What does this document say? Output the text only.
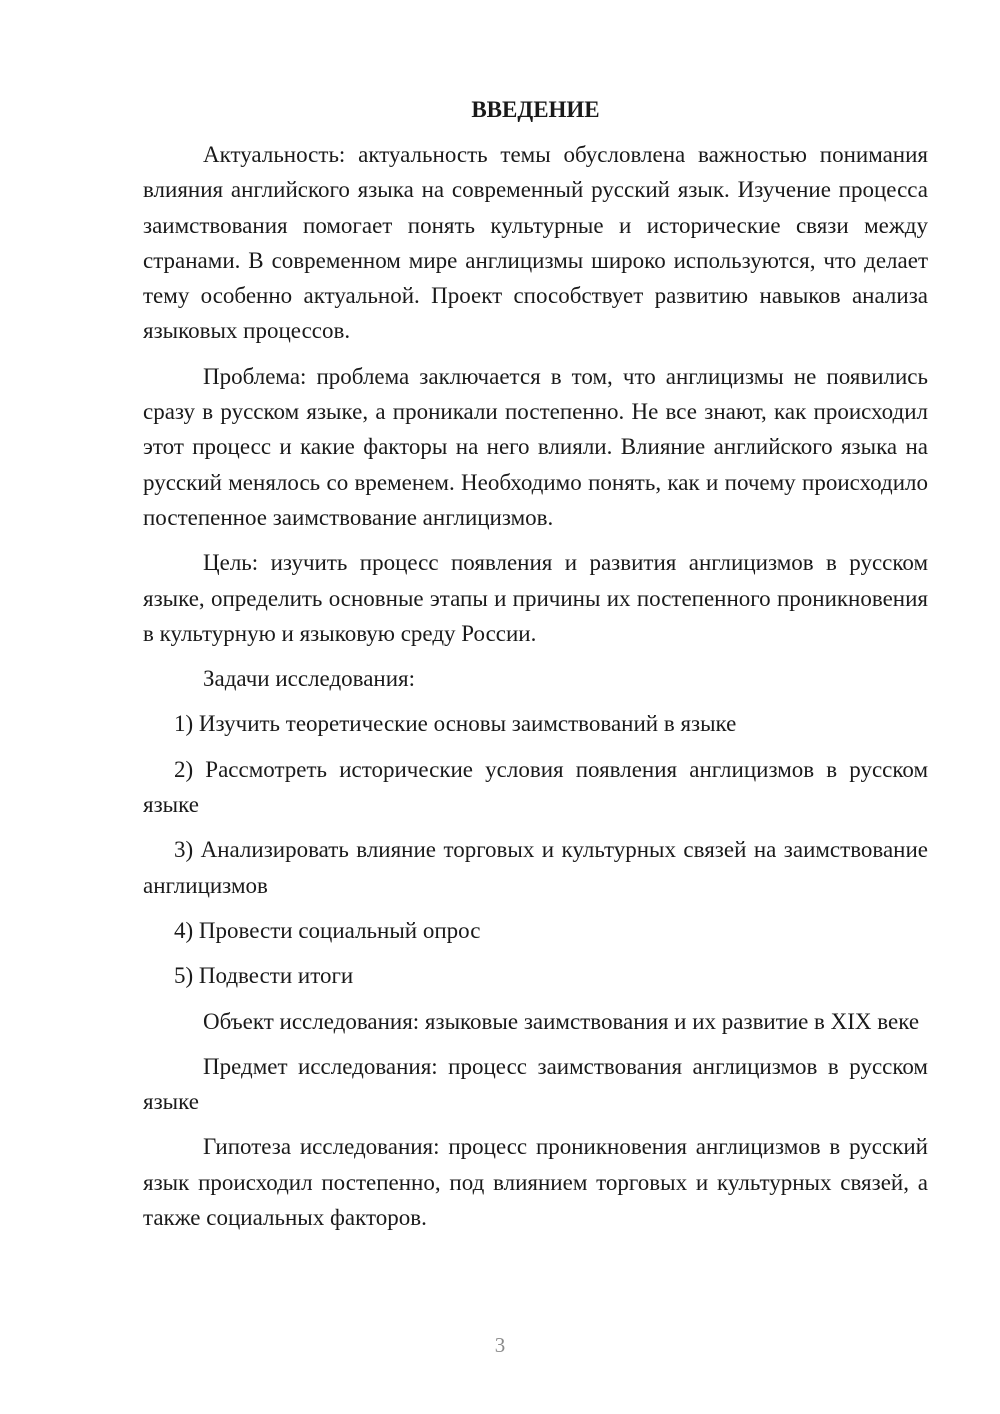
ВВЕДЕНИЕ

Актуальность: актуальность темы обусловлена важностью понимания влияния английского языка на современный русский язык. Изучение процесса заимствования помогает понять культурные и исторические связи между странами. В современном мире англицизмы широко используются, что делает тему особенно актуальной. Проект способствует развитию навыков анализа языковых процессов.

Проблема: проблема заключается в том, что англицизмы не появились сразу в русском языке, а проникали постепенно. Не все знают, как происходил этот процесс и какие факторы на него влияли. Влияние английского языка на русский менялось со временем. Необходимо понять, как и почему происходило постепенное заимствование англицизмов.

Цель: изучить процесс появления и развития англицизмов в русском языке, определить основные этапы и причины их постепенного проникновения в культурную и языковую среду России.

Задачи исследования:

1) Изучить теоретические основы заимствований в языке

2) Рассмотреть исторические условия появления англицизмов в русском языке

3) Анализировать влияние торговых и культурных связей на заимствование англицизмов

4) Провести социальный опрос

5) Подвести итоги

Объект исследования: языковые заимствования и их развитие в XIX веке

Предмет исследования: процесс заимствования англицизмов в русском языке

Гипотеза исследования: процесс проникновения англицизмов в русский язык происходил постепенно, под влиянием торговых и культурных связей, а также социальных факторов.

3
